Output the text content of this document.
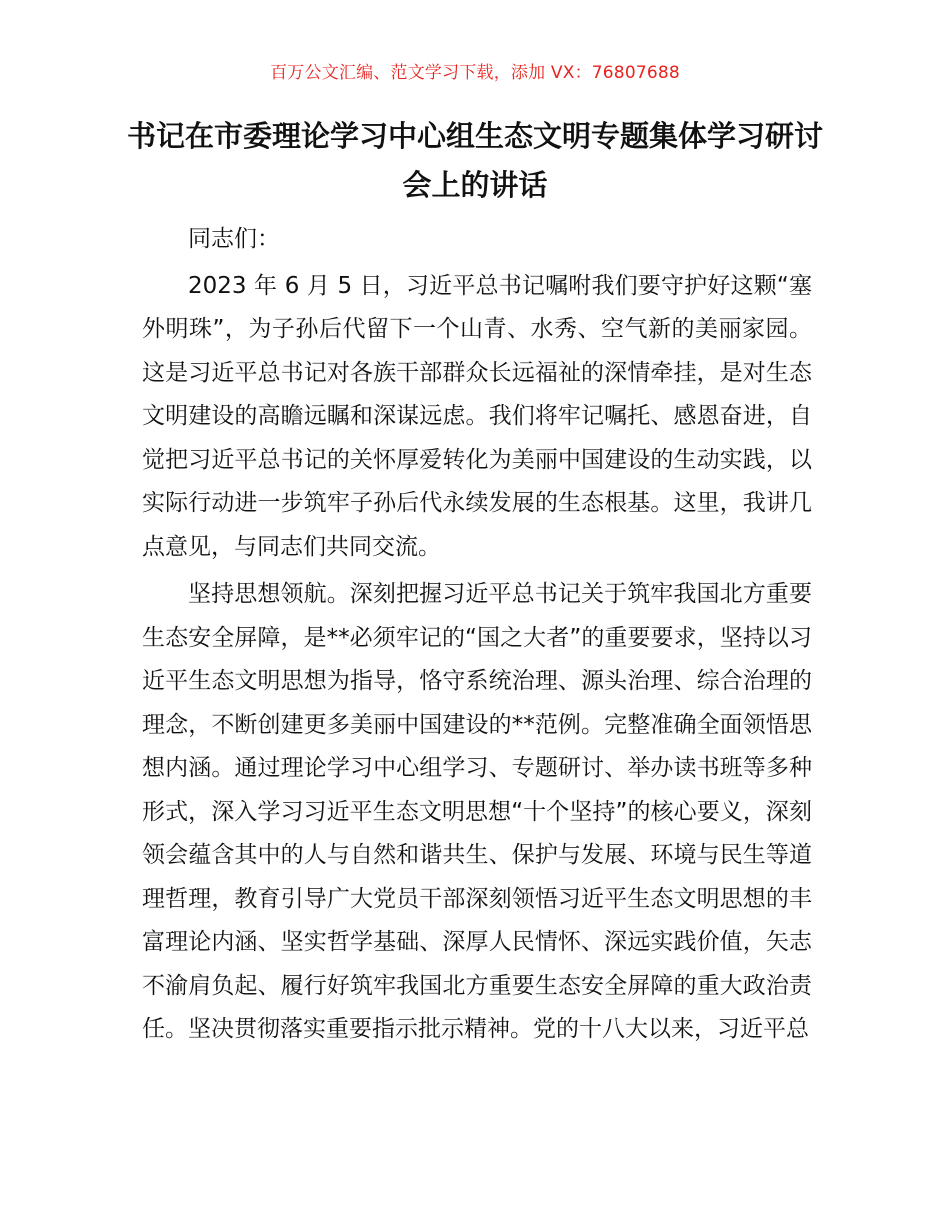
百万公文汇编、范文学习下载，添加 VX：76807688
书记在市委理论学习中心组生态文明专题集体学习研讨会上的讲话

同志们：

2023 年 6 月 5 日，习近平总书记嘱咐我们要守护好这颗“塞外明珠”，为子孙后代留下一个山青、水秀、空气新的美丽家园。这是习近平总书记对各族干部群众长远福祉的深情牵挂，是对生态文明建设的高瞻远瞩和深谋远虑。我们将牢记嘱托、感恩奋进，自觉把习近平总书记的关怀厚爱转化为美丽中国建设的生动实践，以实际行动进一步筑牢子孙后代永续发展的生态根基。这里，我讲几点意见，与同志们共同交流。

坚持思想领航。深刻把握习近平总书记关于筑牢我国北方重要生态安全屏障，是**必须牢记的“国之大者”的重要要求，坚持以习近平生态文明思想为指导，恪守系统治理、源头治理、综合治理的理念，不断创建更多美丽中国建设的**范例。完整准确全面领悟思想内涵。通过理论学习中心组学习、专题研讨、举办读书班等多种形式，深入学习习近平生态文明思想“十个坚持”的核心要义，深刻领会蕴含其中的人与自然和谐共生、保护与发展、环境与民生等道理哲理，教育引导广大党员干部深刻领悟习近平生态文明思想的丰富理论内涵、坚实哲学基础、深厚人民情怀、深远实践价值，矢志不渝肩负起、履行好筑牢我国北方重要生态安全屏障的重大政治责任。坚决贯彻落实重要指示批示精神。党的十八大以来，习近平总
